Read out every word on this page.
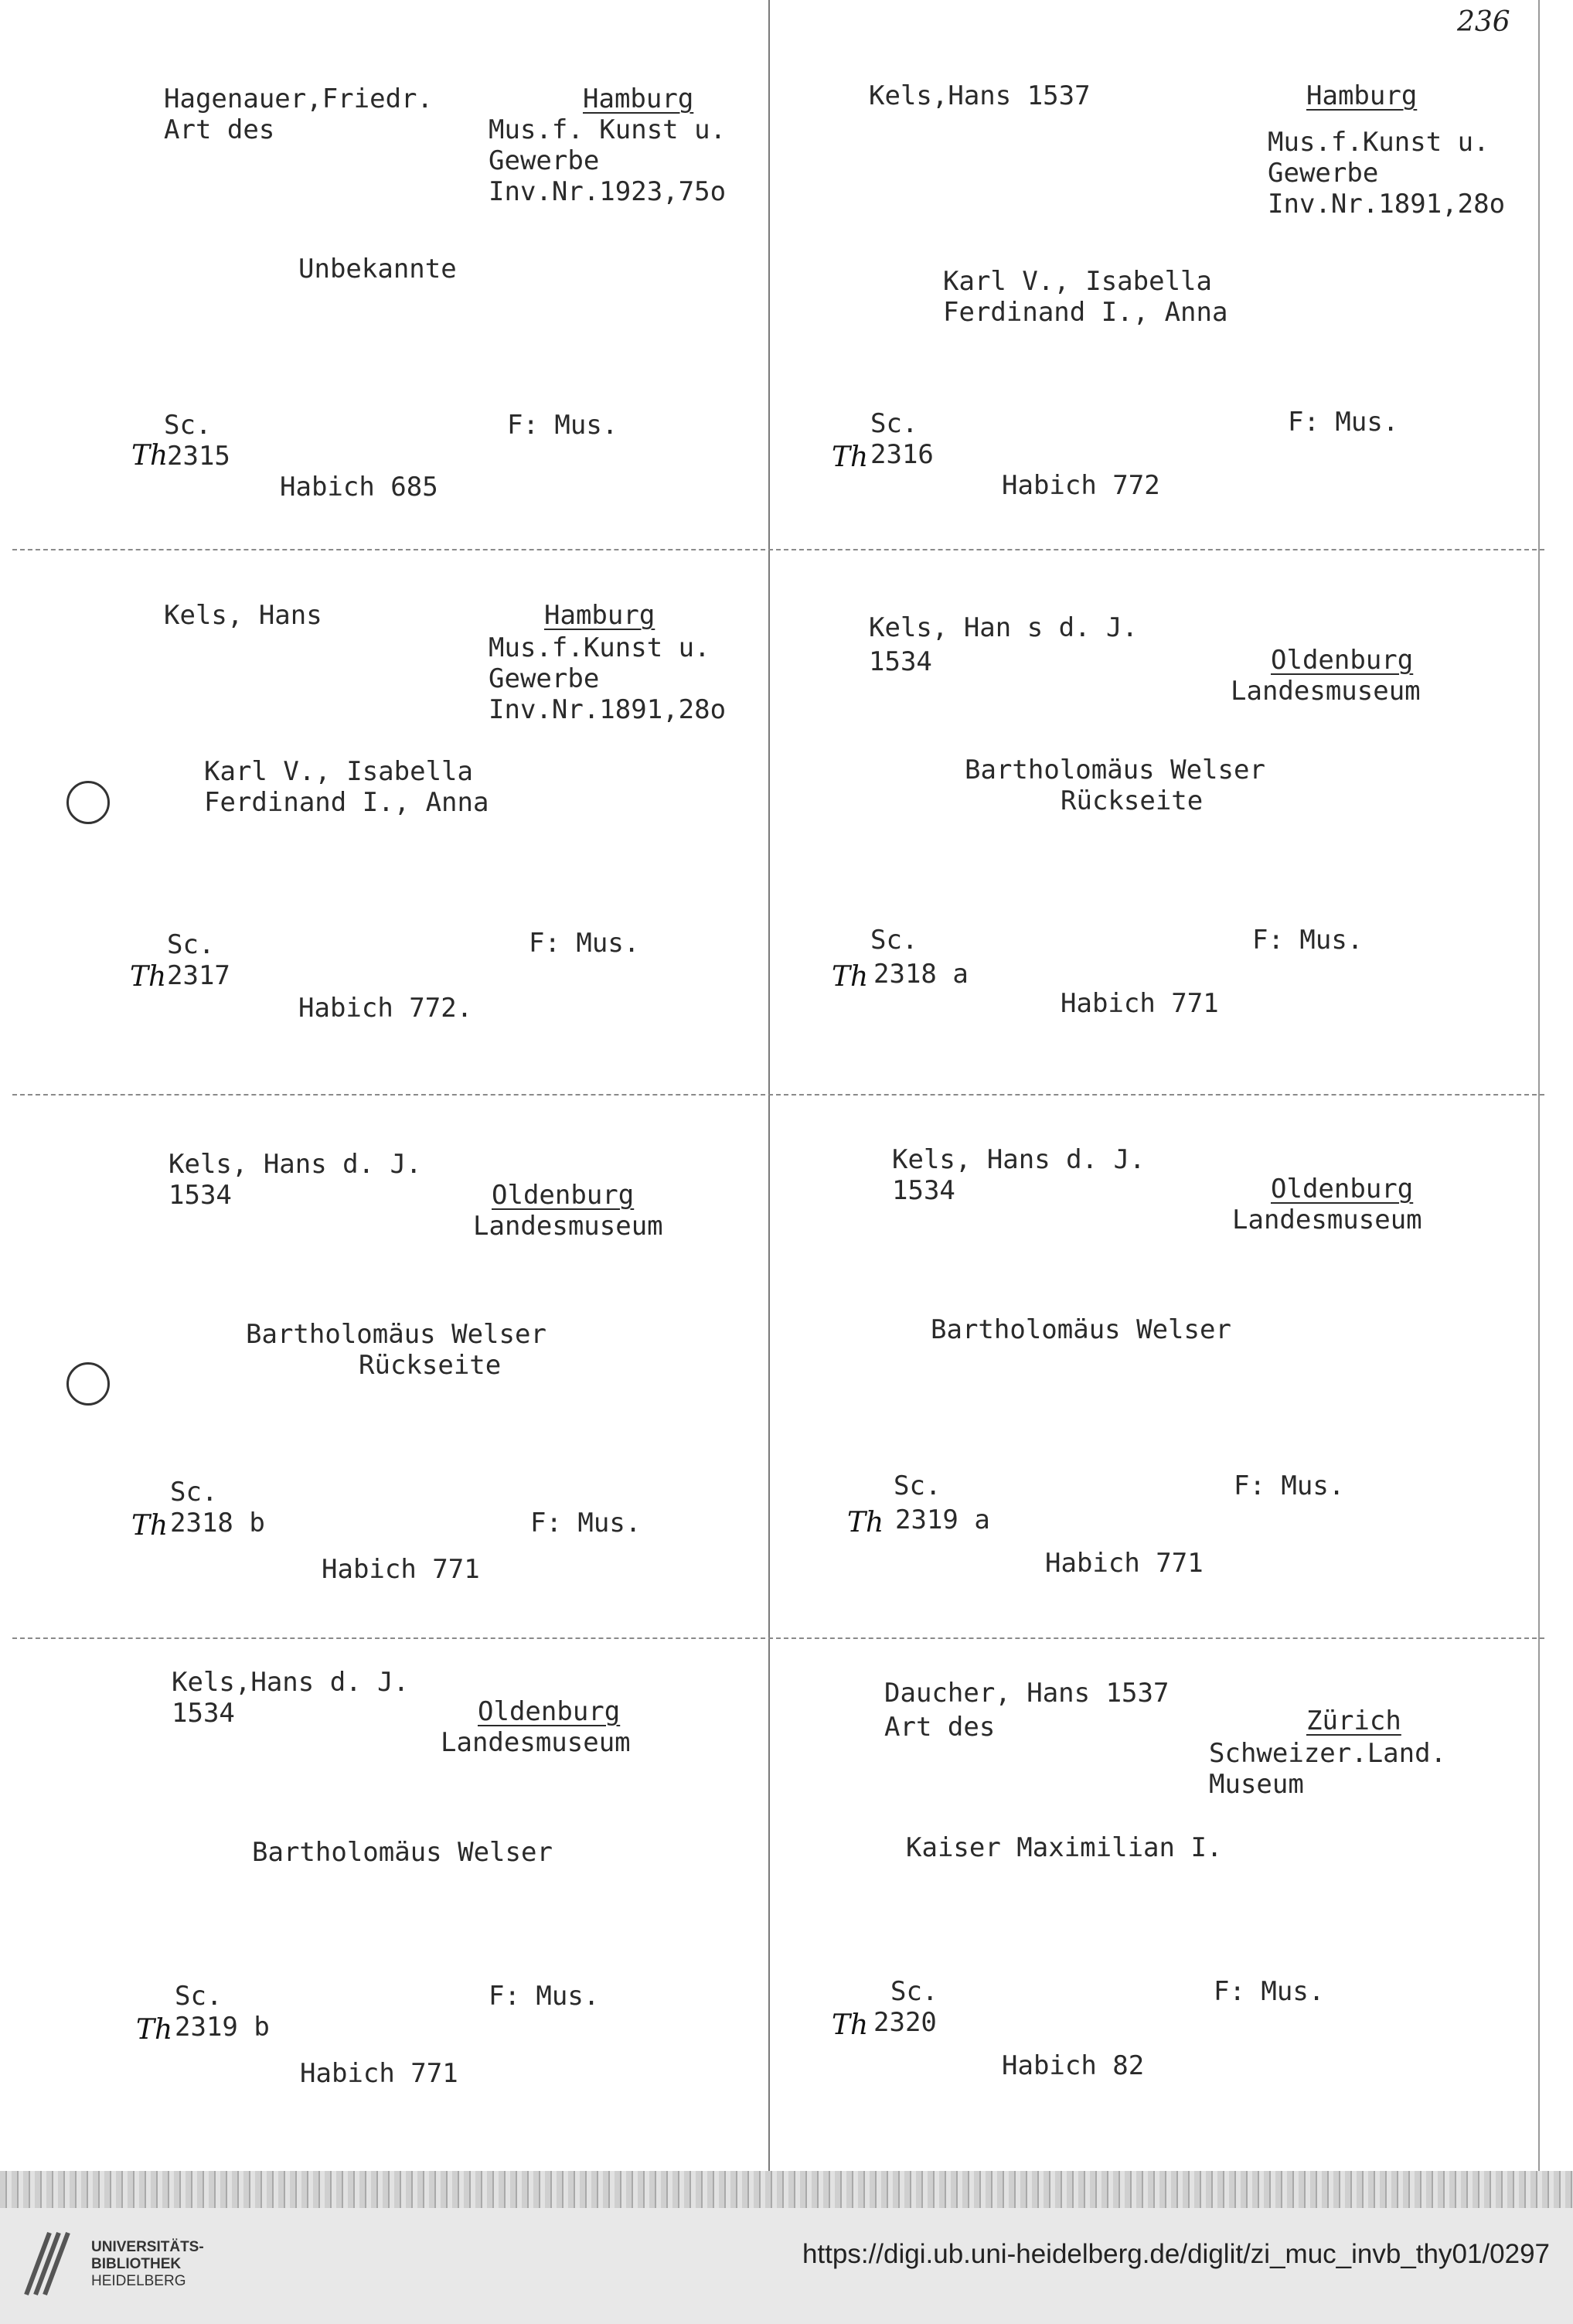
236
Hagenauer,Friedr.
Art des
Hamburg
Mus.f. Kunst u.
Gewerbe
Inv.Nr.1923,75o
Unbekannte
Sc.
Th
2315
F: Mus.
Habich 685
Kels,Hans 1537	Hamburg
Mus.f.Kunst u.
Gewerbe
Inv.Nr.1891,28o
Karl V., Isabella
Ferdinand I., Anna
Sc.
Th 2316
F: Mus.
Habich 772
Kels, Hans	Hamburg
Mus.f.Kunst u.
Gewerbe
Inv.Nr.1891,28o
Karl V., Isabella
Ferdinand I., Anna
Sc.
Th 2317
F: Mus.
Habich 772.
Kels, Han s d. J.
1534	Oldenburg
Landesmuseum
Bartholomäus Welser
Rückseite
Sc.
Th 2318 a
F: Mus.
Habich 771
Kels, Hans d. J.
1534	Oldenburg
Landesmuseum
Bartholomäus Welser
Rückseite
Sc.
Th 2318 b	F: Mus.
Habich 771
Kels, Hans d. J.
1534	Oldenburg
Landesmuseum
Bartholomäus Welser
Sc.
Th 2319 a
F: Mus.
Habich 771
Kels,Hans d. J.
1534	Oldenburg
Landesmuseum
Bartholomäus Welser
Sc.
Th 2319 b
F: Mus.
Habich 771
Daucher, Hans 1537
Art des	Zürich
Schweizer.Land.
Museum
Kaiser Maximilian I.
Sc.
Th 2320
F: Mus.
Habich 82
UNIVERSITÄTS-
BIBLIOTHEK
HEIDELBERG
https://digi.ub.uni-heidelberg.de/diglit/zi_muc_invb_thy01/0297
